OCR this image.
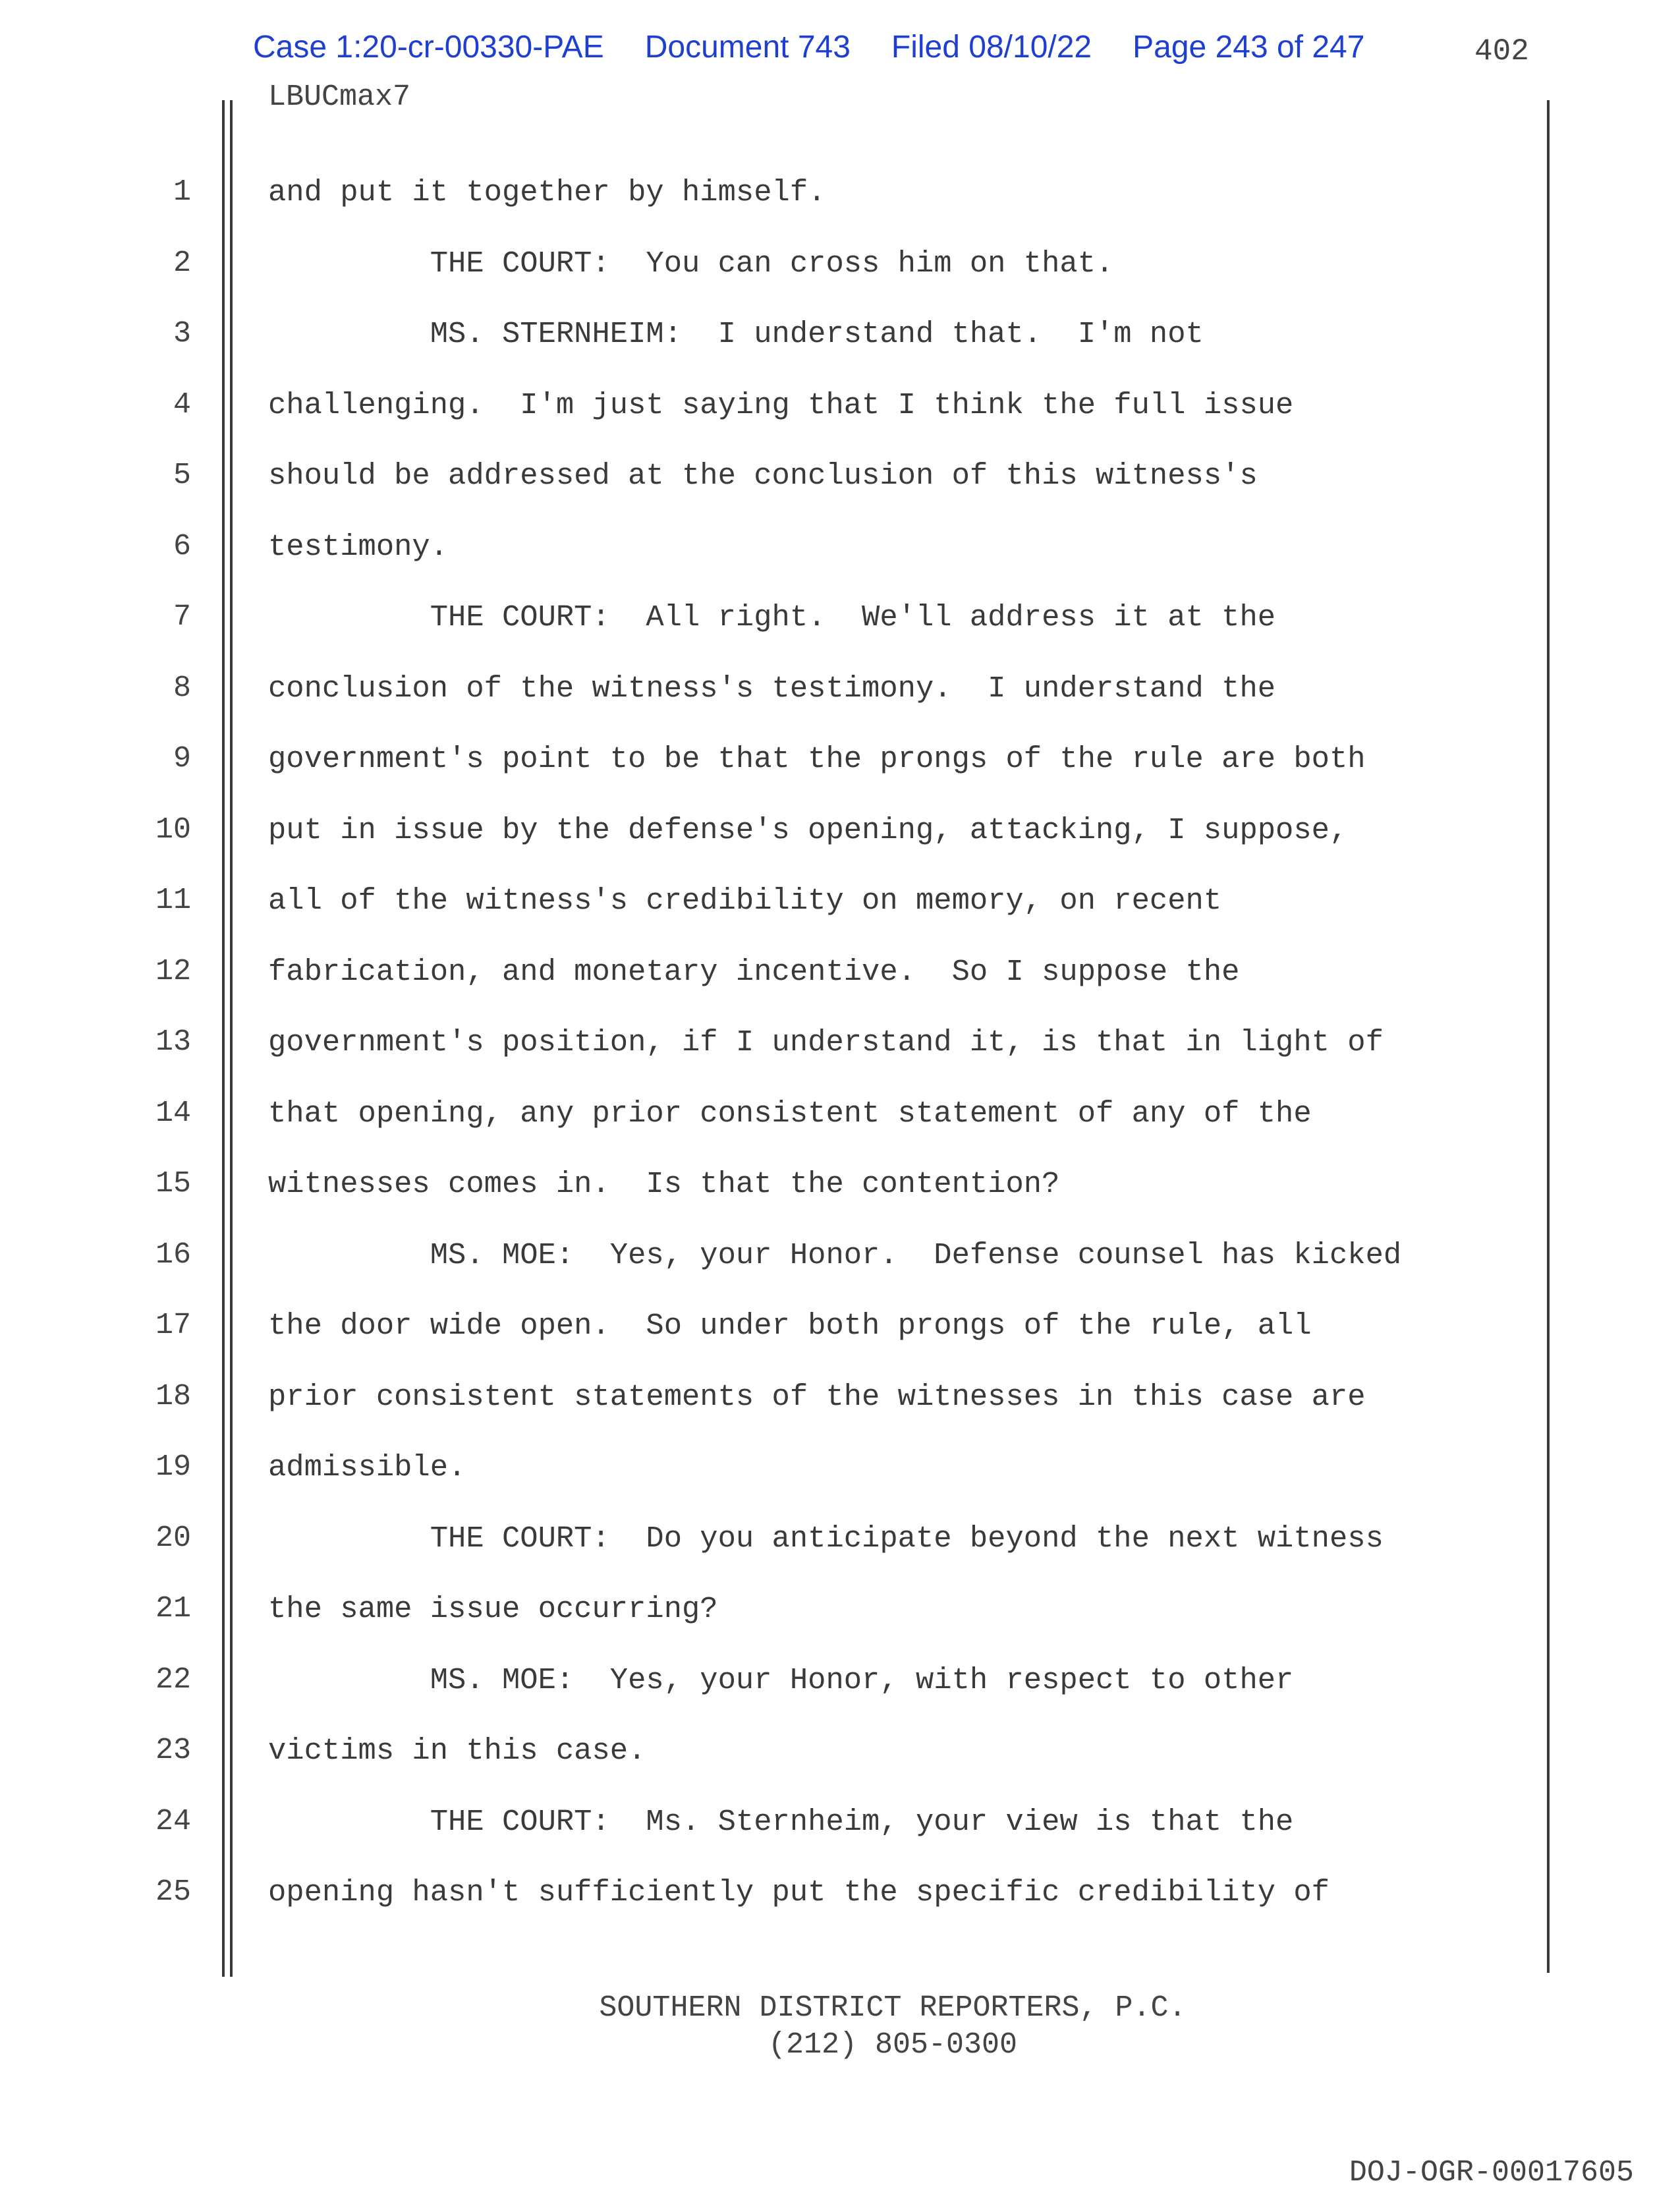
Case 1:20-cr-00330-PAE Document 743 Filed 08/10/22 Page 243 of 247	402
LBUCmax7
1	and put it together by himself.
2	THE COURT:  You can cross him on that.
3	MS. STERNHEIM:  I understand that.  I'm not
4	challenging.  I'm just saying that I think the full issue
5	should be addressed at the conclusion of this witness's
6	testimony.
7	THE COURT:  All right.  We'll address it at the
8	conclusion of the witness's testimony.  I understand the
9	government's point to be that the prongs of the rule are both
10	put in issue by the defense's opening, attacking, I suppose,
11	all of the witness's credibility on memory, on recent
12	fabrication, and monetary incentive.  So I suppose the
13	government's position, if I understand it, is that in light of
14	that opening, any prior consistent statement of any of the
15	witnesses comes in.  Is that the contention?
16	MS. MOE:  Yes, your Honor.  Defense counsel has kicked
17	the door wide open.  So under both prongs of the rule, all
18	prior consistent statements of the witnesses in this case are
19	admissible.
20	THE COURT:  Do you anticipate beyond the next witness
21	the same issue occurring?
22	MS. MOE:  Yes, your Honor, with respect to other
23	victims in this case.
24	THE COURT:  Ms. Sternheim, your view is that the
25	opening hasn't sufficiently put the specific credibility of
SOUTHERN DISTRICT REPORTERS, P.C.
(212) 805-0300
DOJ-OGR-00017605
